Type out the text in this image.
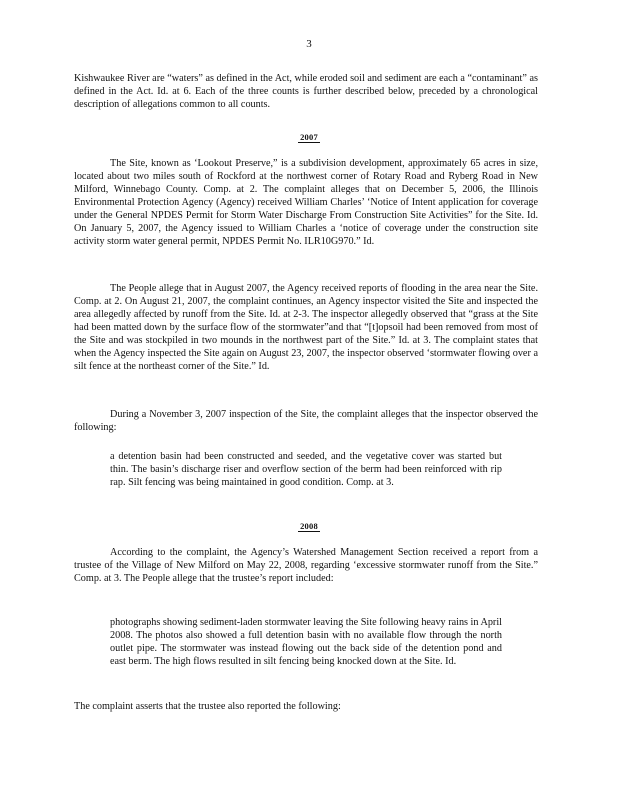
3

Kishwaukee River are “waters” as defined in the Act, while eroded soil and sediment are each a “contaminant” as defined in the Act. Id. at 6. Each of the three counts is further described below, preceded by a chronological description of allegations common to all counts.

2007

The Site, known as ‘Lookout Preserve,” is a subdivision development, approximately 65 acres in size, located about two miles south of Rockford at the northwest corner of Rotary Road and Ryberg Road in New Milford, Winnebago County. Comp. at 2. The complaint alleges that on December 5, 2006, the Illinois Environmental Protection Agency (Agency) received William Charles’ ‘Notice of Intent application for coverage under the General NPDES Permit for Storm Water Discharge From Construction Site Activities” for the Site. Id. On January 5, 2007, the Agency issued to William Charles a ‘notice of coverage under the construction site activity storm water general permit, NPDES Permit No. ILR10G970.” Id.

The People allege that in August 2007, the Agency received reports of flooding in the area near the Site. Comp. at 2. On August 21, 2007, the complaint continues, an Agency inspector visited the Site and inspected the area allegedly affected by runoff from the Site. Id. at 2-3. The inspector allegedly observed that “grass at the Site had been matted down by the surface flow of the stormwater”and that “[t]opsoil had been removed from most of the Site and was stockpiled in two mounds in the northwest part of the Site.” Id. at 3. The complaint states that when the Agency inspected the Site again on August 23, 2007, the inspector observed ‘stormwater flowing over a silt fence at the northeast corner of the Site.” Id.

During a November 3, 2007 inspection of the Site, the complaint alleges that the inspector observed the following:

a detention basin had been constructed and seeded, and the vegetative cover was started but thin. The basin’s discharge riser and overflow section of the berm had been reinforced with rip rap. Silt fencing was being maintained in good condition. Comp. at 3.

2008

According to the complaint, the Agency’s Watershed Management Section received a report from a trustee of the Village of New Milford on May 22, 2008, regarding ‘excessive stormwater runoff from the Site.” Comp. at 3. The People allege that the trustee’s report included:

photographs showing sediment-laden stormwater leaving the Site following heavy rains in April 2008. The photos also showed a full detention basin with no available flow through the north outlet pipe. The stormwater was instead flowing out the back side of the detention pond and east berm. The high flows resulted in silt fencing being knocked down at the Site. Id.

The complaint asserts that the trustee also reported the following:
